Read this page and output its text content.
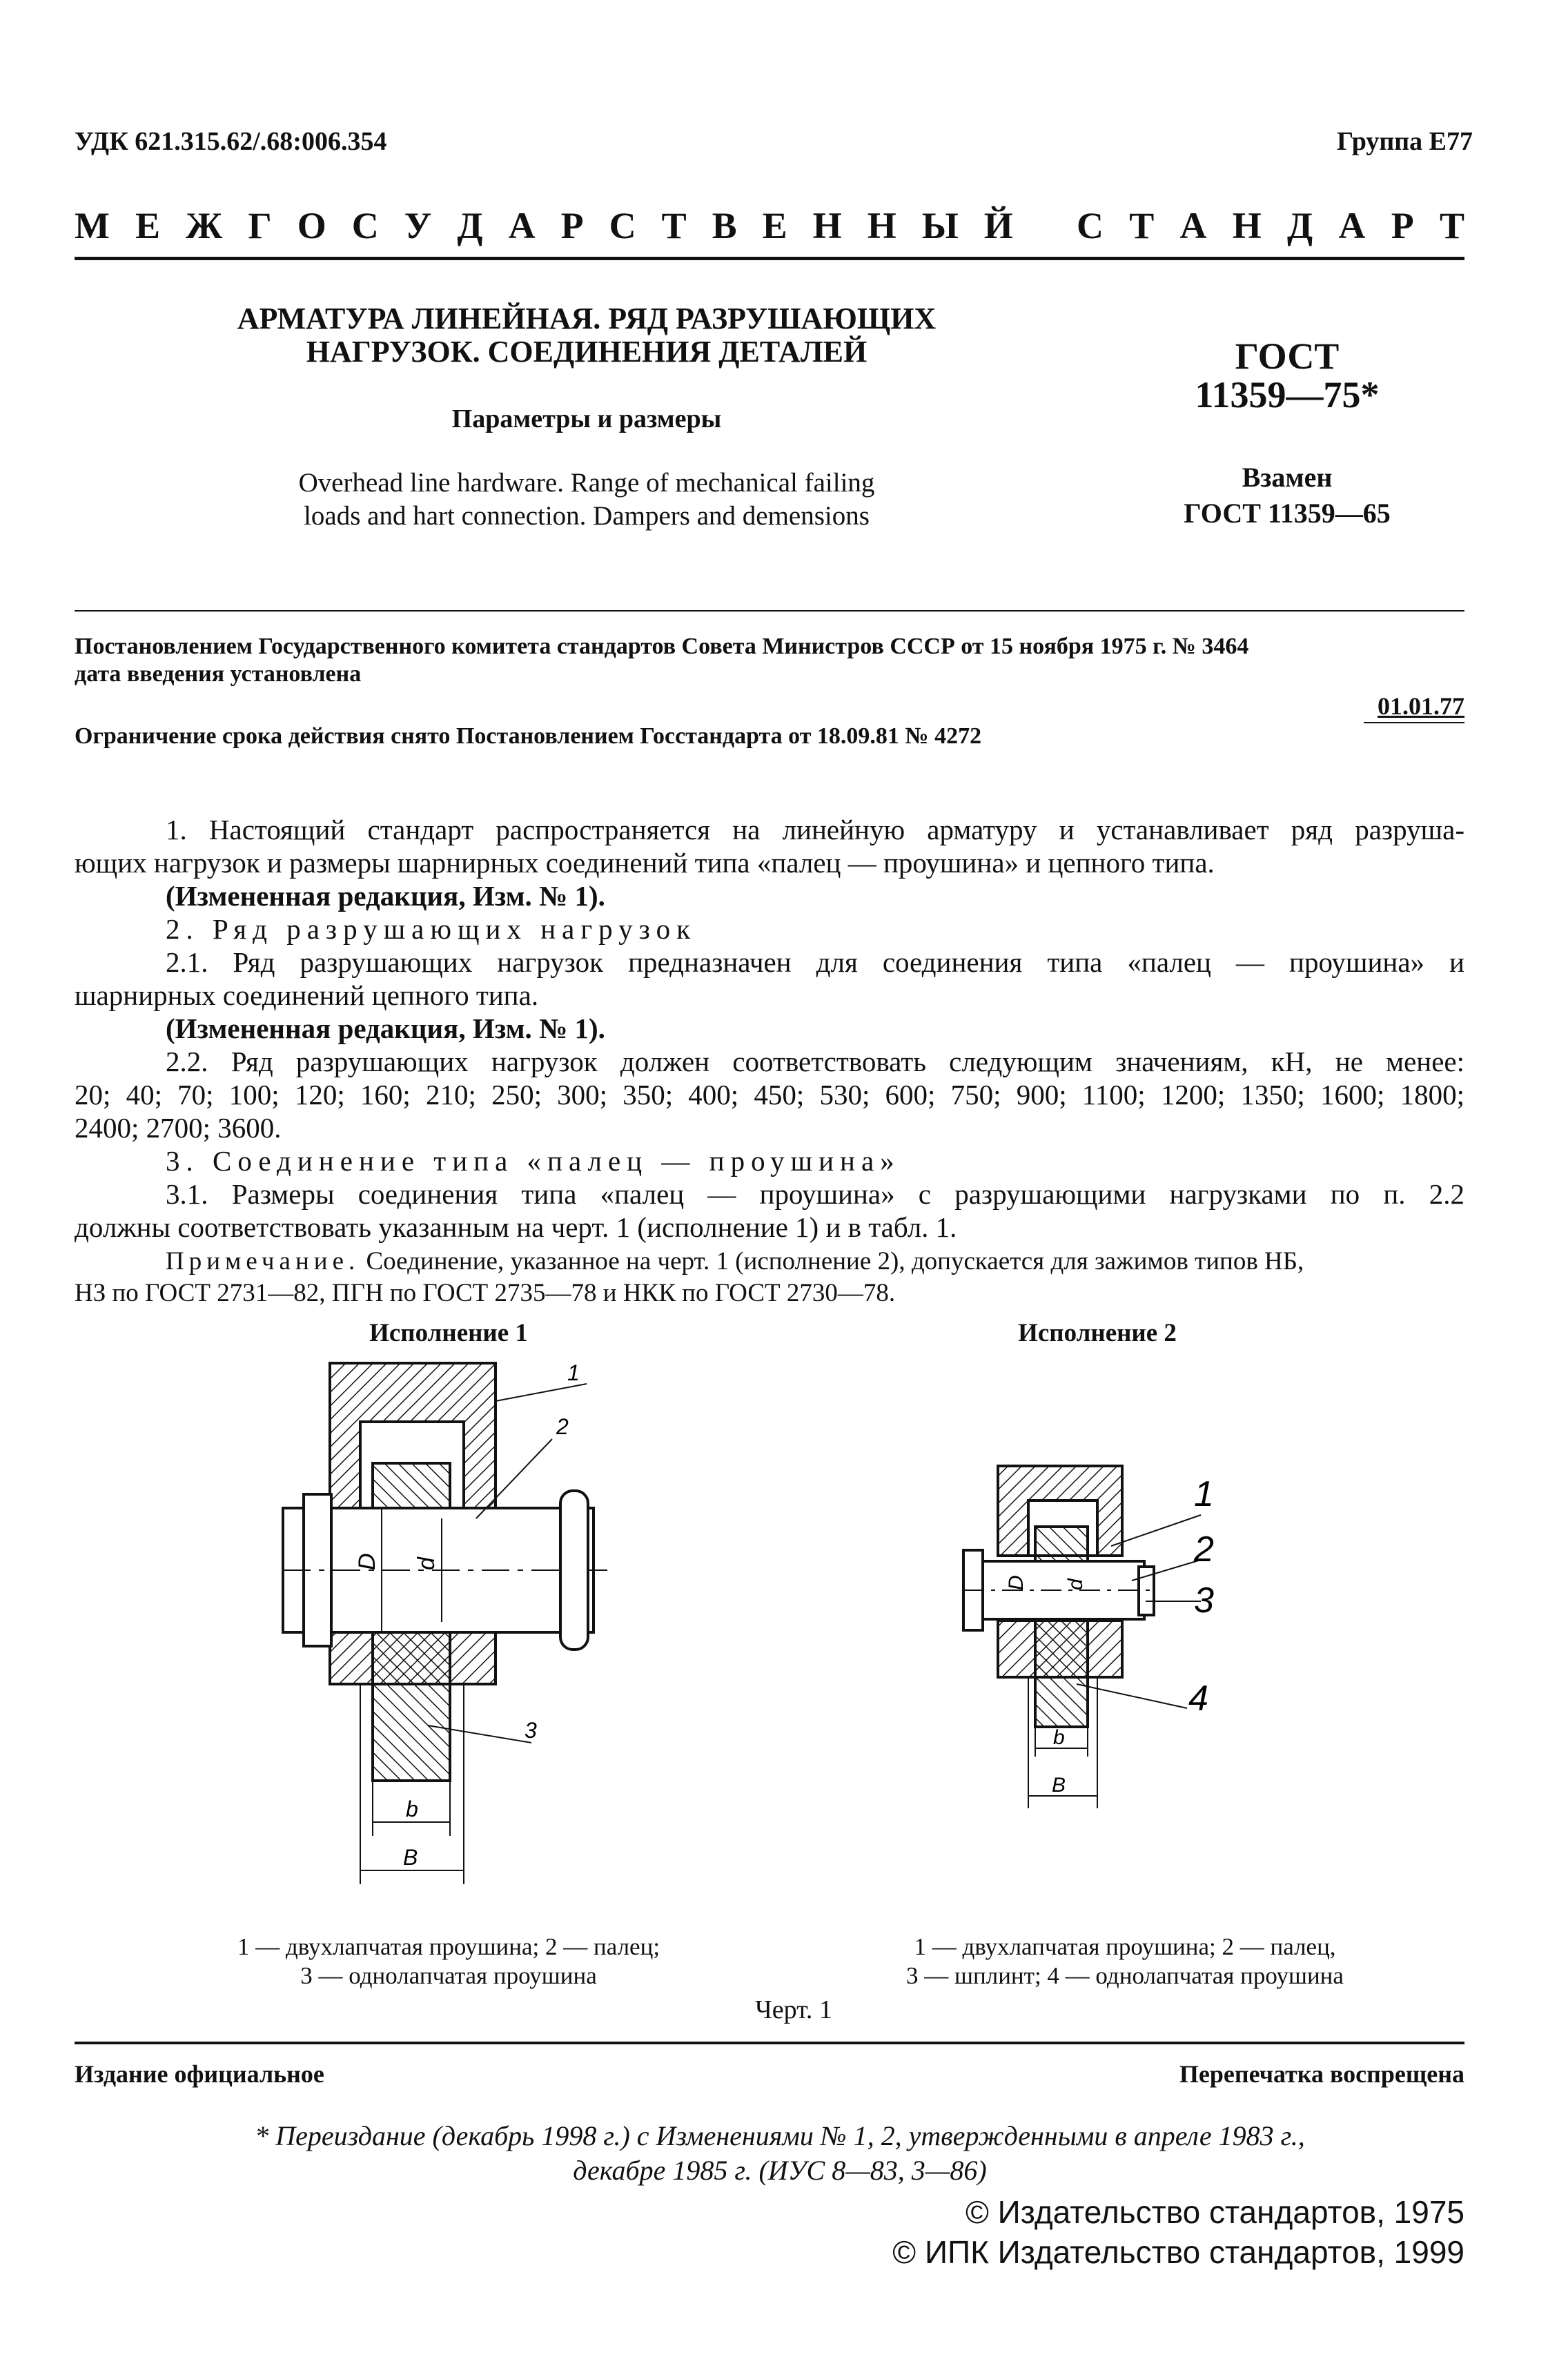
УДК 621.315.62/.68:006.354	Группа Е77
М Е Ж Г О С У Д А Р С Т В Е Н Н Ы Й С Т А Н Д А Р Т
АРМАТУРА ЛИНЕЙНАЯ. РЯД РАЗРУШАЮЩИХ
НАГРУЗОК. СОЕДИНЕНИЯ ДЕТАЛЕЙ
Параметры и размеры
Overhead line hardware. Range of mechanical failing
loads and hart connection. Dampers and demensions
ГОСТ
11359—75*
Взамен
ГОСТ 11359—65
Постановлением Государственного комитета стандартов Совета Министров СССР от 15 ноября 1975 г. № 3464
дата введения установлена
01.01.77
Ограничение срока действия снято Постановлением Госстандарта от 18.09.81 № 4272
1. Настоящий стандарт распространяется на линейную арматуру и устанавливает ряд разруша-
ющих нагрузок и размеры шарнирных соединений типа «палец — проушина» и цепного типа.
(Измененная редакция, Изм. № 1).
2. Ряд разрушающих нагрузок
2.1. Ряд разрушающих нагрузок предназначен для соединения типа «палец — проушина» и
шарнирных соединений цепного типа.
(Измененная редакция, Изм. № 1).
2.2. Ряд разрушающих нагрузок должен соответствовать следующим значениям, кН, не менее:
20; 40; 70; 100; 120; 160; 210; 250; 300; 350; 400; 450; 530; 600; 750; 900; 1100; 1200; 1350; 1600; 1800;
2400; 2700; 3600.
3. Соединение типа «палец — проушина»
3.1. Размеры соединения типа «палец — проушина» с разрушающими нагрузками по п. 2.2
должны соответствовать указанным на черт. 1 (исполнение 1) и в табл. 1.
Примечание. Соединение, указанное на черт. 1 (исполнение 2), допускается для зажимов типов НБ,
НЗ по ГОСТ 2731—82, ПГН по ГОСТ 2735—78 и НКК по ГОСТ 2730—78.
Исполнение 1	Исполнение 2
D d
b
B
1
2
3
D d
b
B
1
2
3
4
1 — двухлапчатая проушина; 2 — палец;
3 — однолапчатая проушина
1 — двухлапчатая проушина; 2 — палец,
3 — шплинт; 4 — однолапчатая проушина
Черт. 1
Издание официальное	Перепечатка воспрещена
* Переиздание (декабрь 1998 г.) с Изменениями № 1, 2, утвержденными в апреле 1983 г.,
декабре 1985 г. (ИУС 8—83, 3—86)
© Издательство стандартов, 1975
© ИПК Издательство стандартов, 1999
